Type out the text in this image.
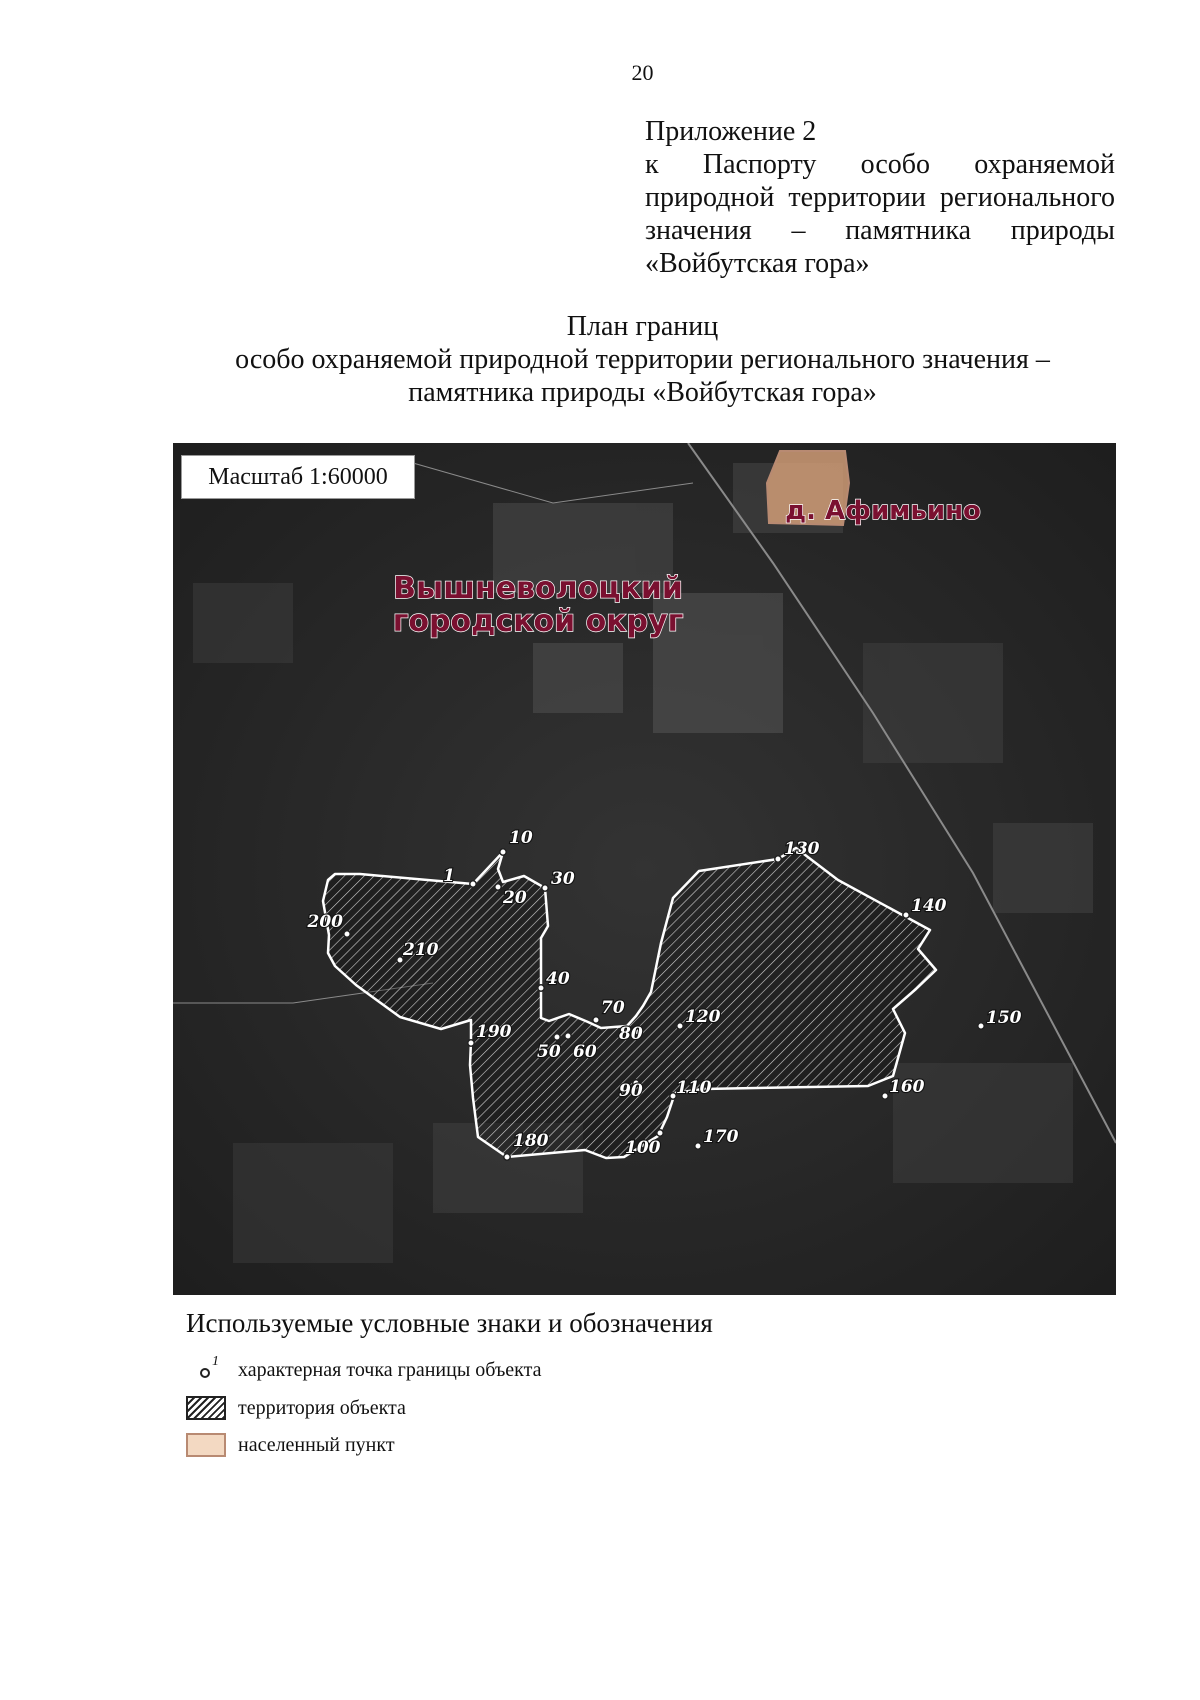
20
Приложение 2
к Паспорту особо охраняемой
природной территории регионального
значения – памятника природы
«Войбутская гора»
План границ
особо охраняемой природной территории регионального значения –
памятника природы «Войбутская гора»
1
10
20
30
40
50 60
70
80
90
100
110
120
130
140
150
160
170
180
190
200
210
Вышневолоцкий
городской округ
д. Афимьино
Масштаб 1:60000
Используемые условные знаки и обозначения
1 характерная точка границы объекта
территория объекта
населенный пункт
